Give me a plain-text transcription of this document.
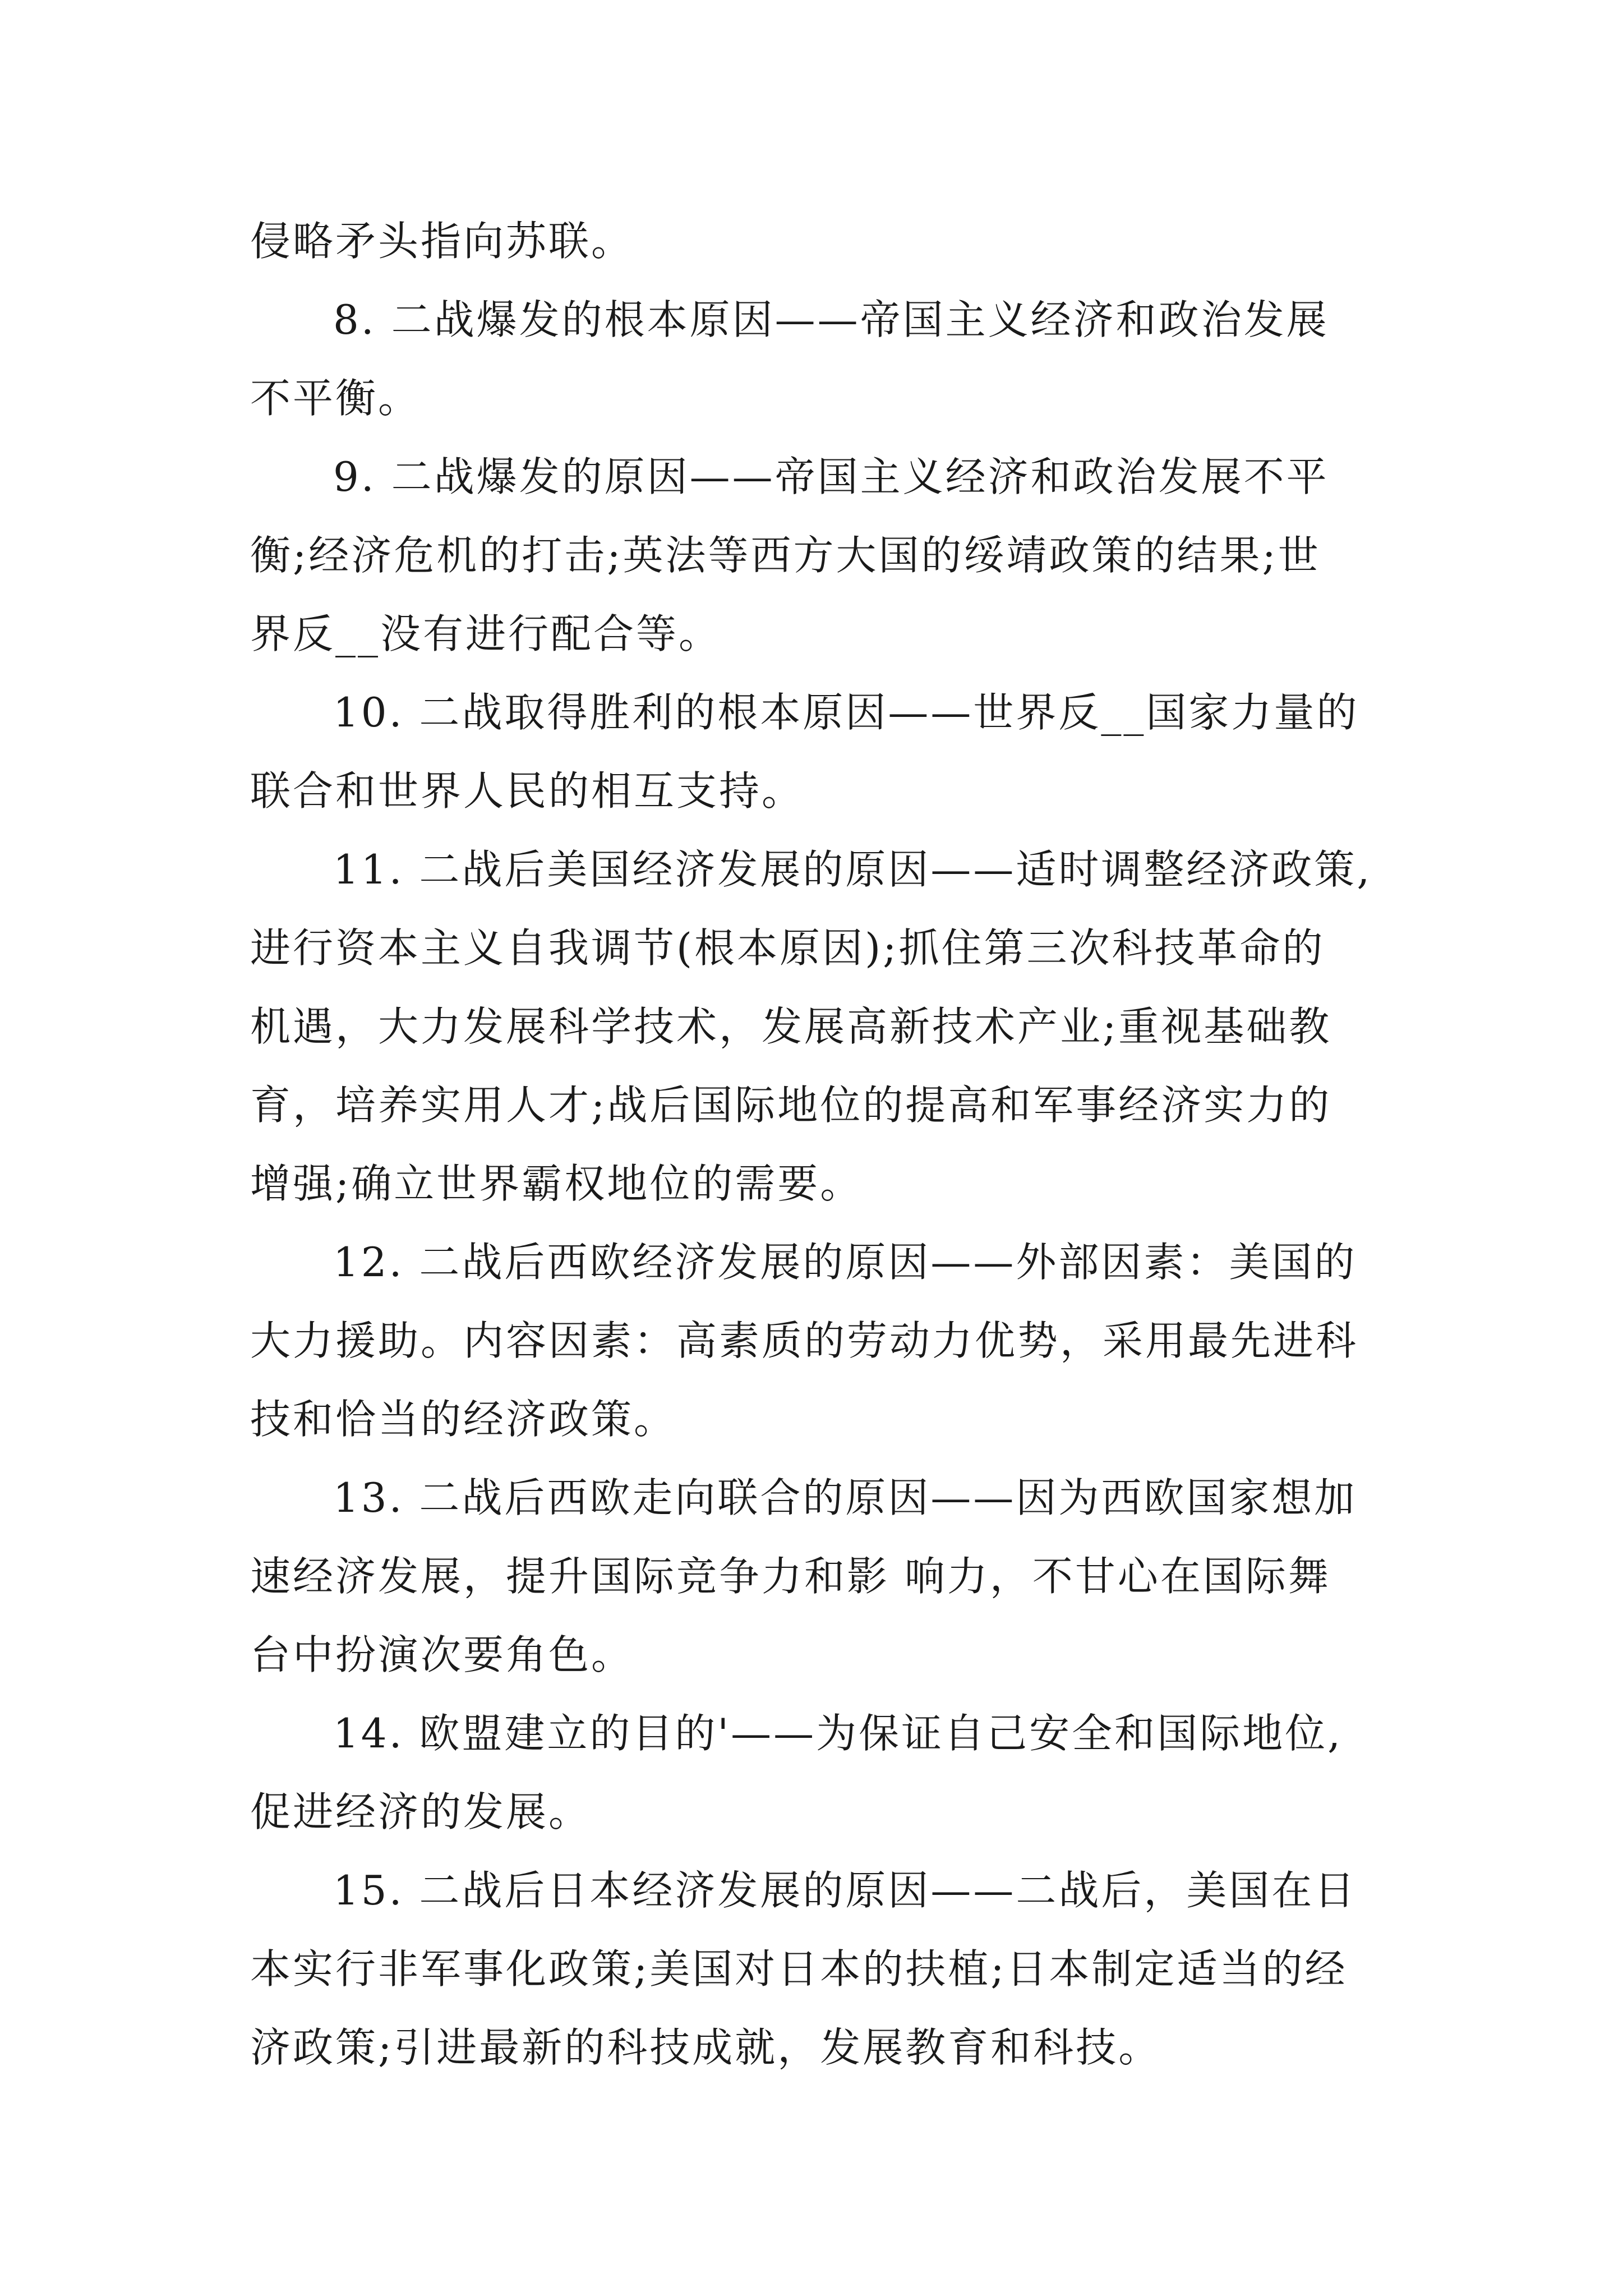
侵略矛头指向苏联。
8. 二战爆发的根本原因——帝国主义经济和政治发展
不平衡。
9. 二战爆发的原因——帝国主义经济和政治发展不平
衡;经济危机的打击;英法等西方大国的绥靖政策的结果;世
界反__没有进行配合等。
10. 二战取得胜利的根本原因——世界反__国家力量的
联合和世界人民的相互支持。
11. 二战后美国经济发展的原因——适时调整经济政策,
进行资本主义自我调节(根本原因);抓住第三次科技革命的
机遇，大力发展科学技术，发展高新技术产业;重视基础教
育，培养实用人才;战后国际地位的提高和军事经济实力的
增强;确立世界霸权地位的需要。
12. 二战后西欧经济发展的原因——外部因素：美国的
大力援助。内容因素：高素质的劳动力优势，采用最先进科
技和恰当的经济政策。
13. 二战后西欧走向联合的原因——因为西欧国家想加
速经济发展，提升国际竞争力和影 响力，不甘心在国际舞
台中扮演次要角色。
14. 欧盟建立的目的'——为保证自己安全和国际地位,
促进经济的发展。
15. 二战后日本经济发展的原因——二战后，美国在日
本实行非军事化政策;美国对日本的扶植;日本制定适当的经
济政策;引进最新的科技成就，发展教育和科技。
